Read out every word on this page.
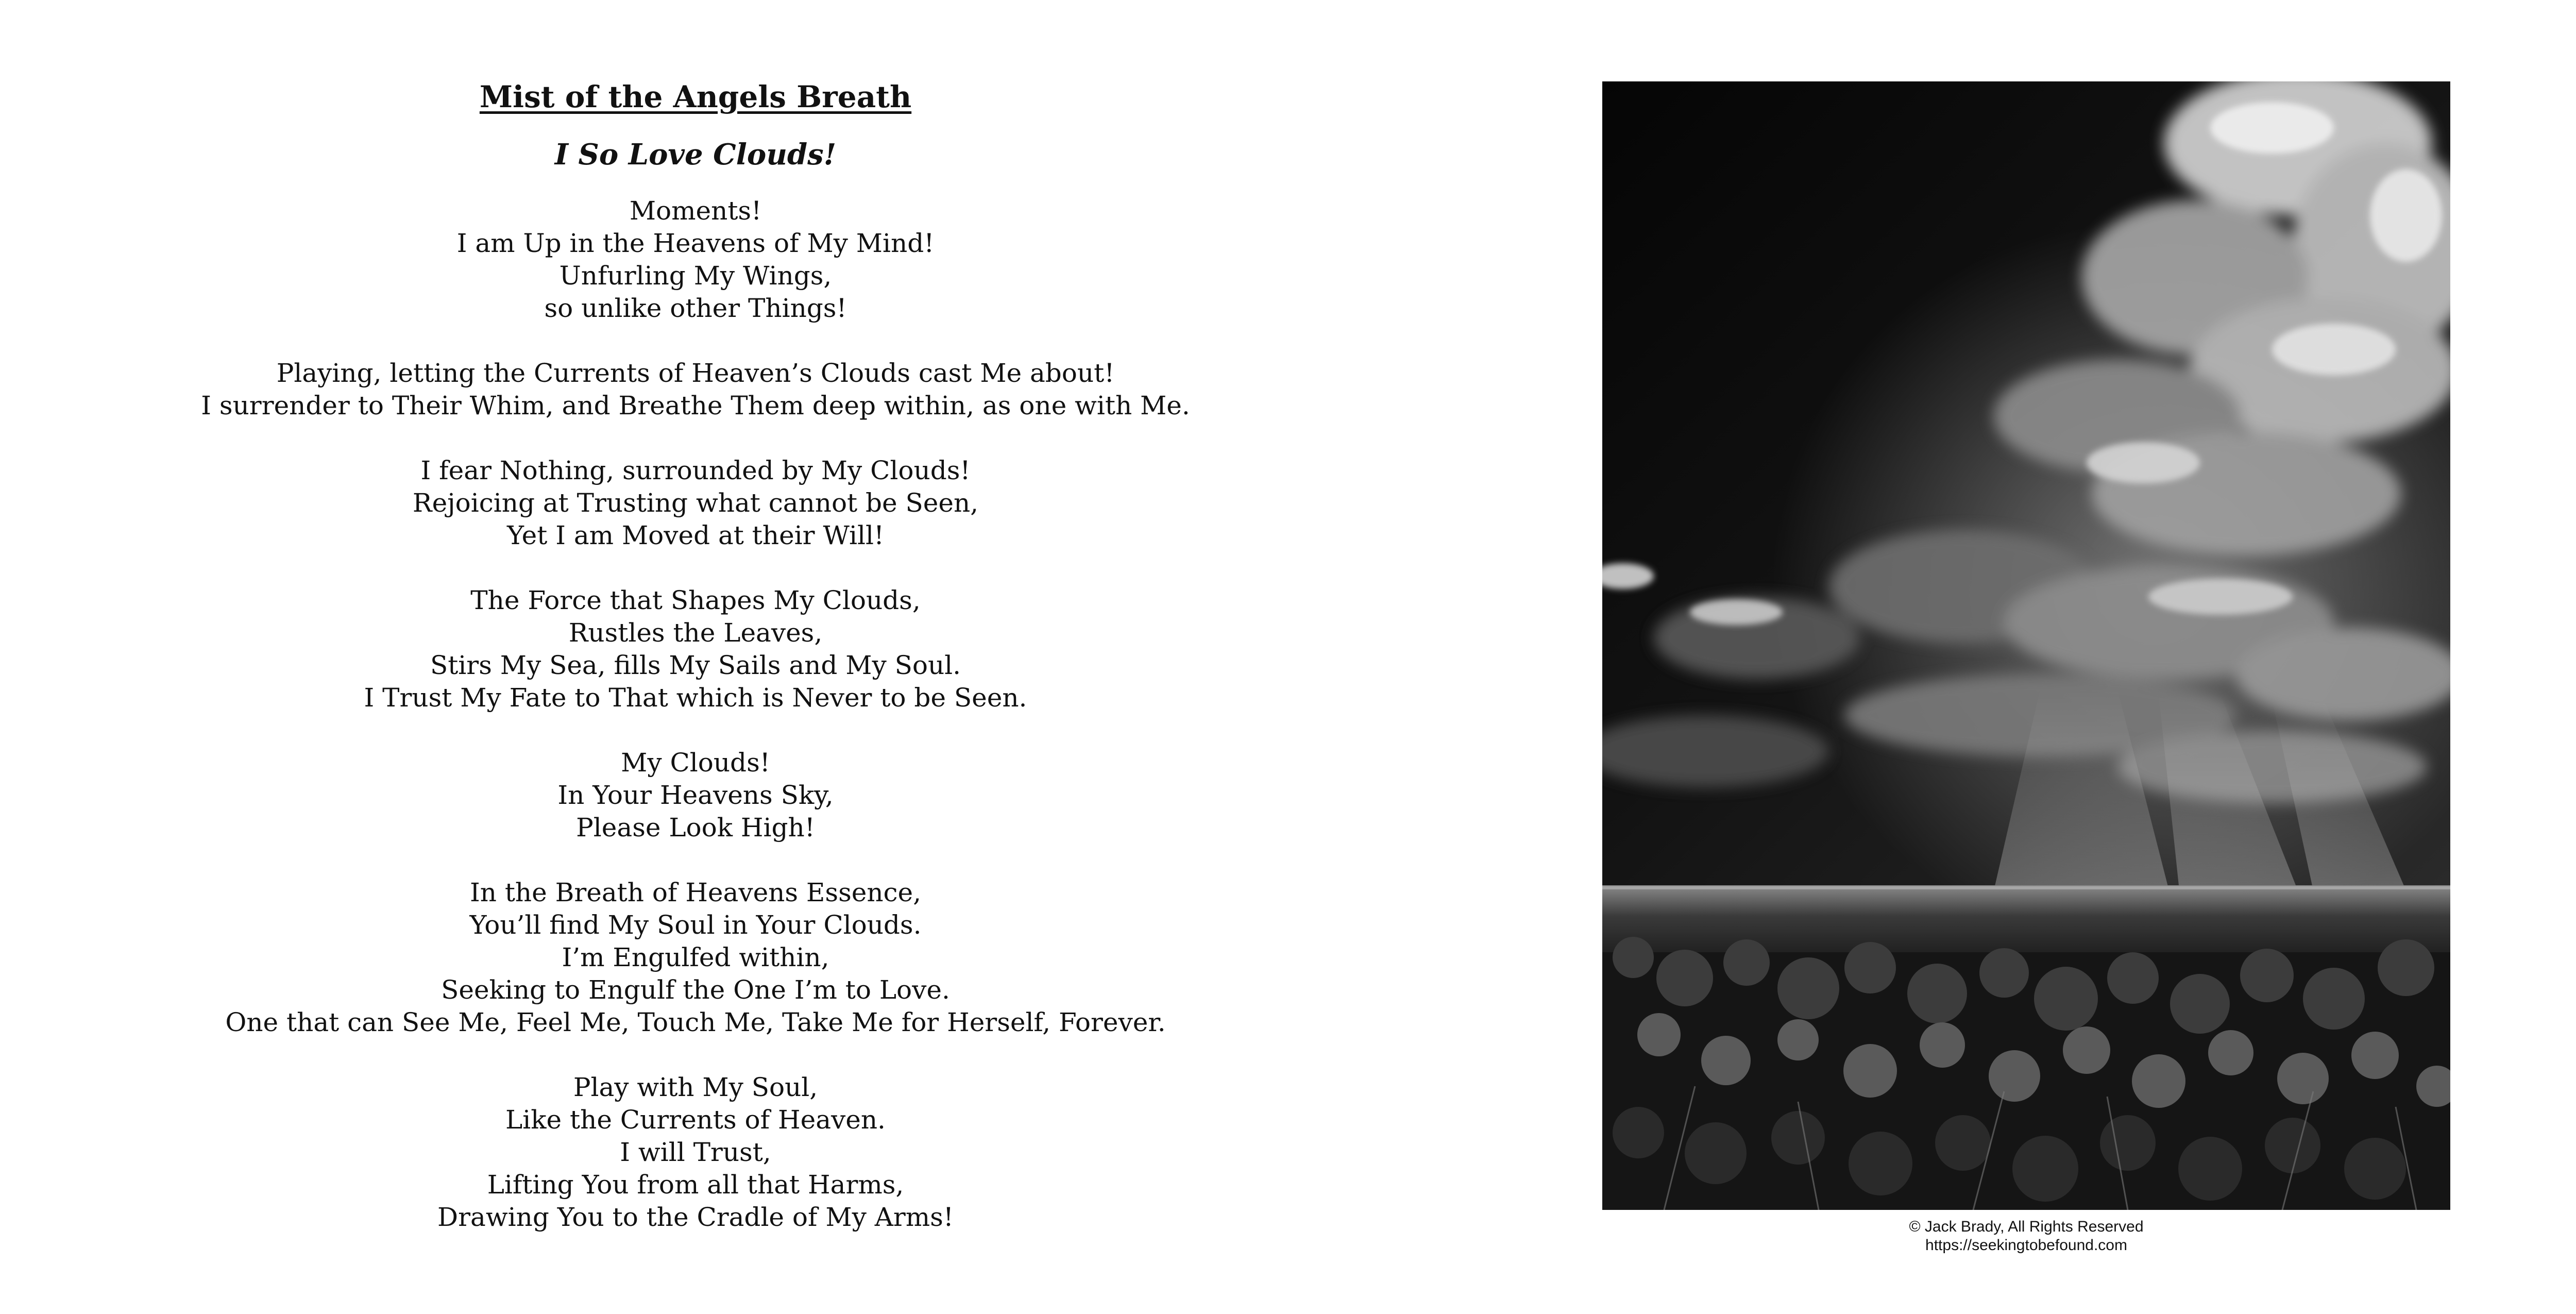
Mist of the Angels Breath
I So Love Clouds!

Moments!
I am Up in the Heavens of My Mind!
Unfurling My Wings,
so unlike other Things!

Playing, letting the Currents of Heaven’s Clouds cast Me about!
I surrender to Their Whim, and Breathe Them deep within, as one with Me.

I fear Nothing, surrounded by My Clouds!
Rejoicing at Trusting what cannot be Seen,
Yet I am Moved at their Will!

The Force that Shapes My Clouds,
Rustles the Leaves,
Stirs My Sea, fills My Sails and My Soul.
I Trust My Fate to That which is Never to be Seen.

My Clouds!
In Your Heavens Sky,
Please Look High!

In the Breath of Heavens Essence,
You’ll find My Soul in Your Clouds.
I’m Engulfed within,
Seeking to Engulf the One I’m to Love.
One that can See Me, Feel Me, Touch Me, Take Me for Herself, Forever.

Play with My Soul,
Like the Currents of Heaven.
I will Trust,
Lifting You from all that Harms,
Drawing You to the Cradle of My Arms!	© Jack Brady, All Rights Reserved
https://seekingtobefound.com
